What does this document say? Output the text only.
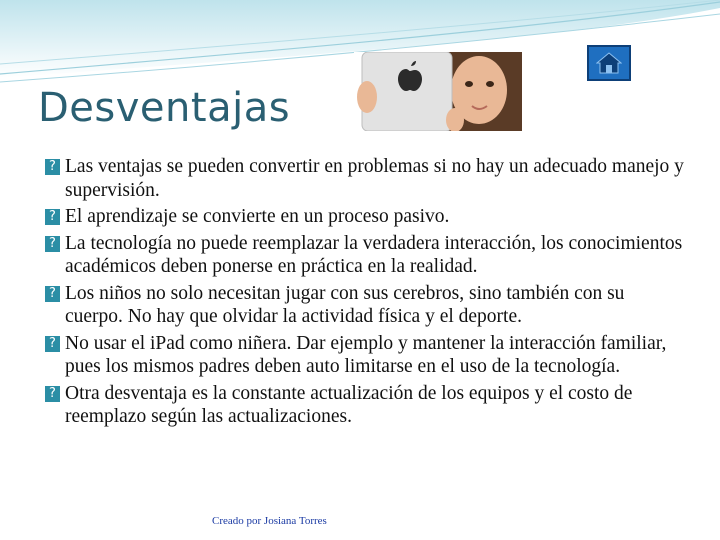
Desventajas
? Las ventajas se pueden convertir en problemas si no hay un adecuado manejo y supervisión.
? El aprendizaje se convierte en un proceso pasivo.
? La tecnología no puede reemplazar la verdadera interacción, los conocimientos académicos deben ponerse en práctica en la realidad.
? Los niños no solo necesitan jugar con sus cerebros, sino también con su cuerpo. No hay que olvidar la actividad física y el deporte.
? No usar el iPad como niñera. Dar ejemplo y mantener la interacción familiar, pues los mismos padres deben auto limitarse en el uso de la tecnología.
? Otra desventaja es la constante actualización de los equipos y el costo de reemplazo según las actualizaciones.
Creado por Josiana Torres
